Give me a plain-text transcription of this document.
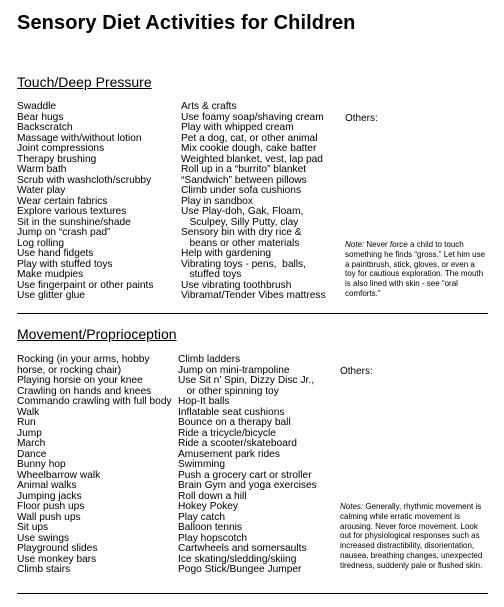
Sensory Diet Activities for Children
Touch/Deep Pressure
Swaddle
Bear hugs
Backscratch
Massage with/without lotion
Joint compressions
Therapy brushing
Warm bath
Scrub with washcloth/scrubby
Water play
Wear certain fabrics
Explore various textures
Sit in the sunshine/shade
Jump on “crash pad”
Log rolling
Use hand fidgets
Play with stuffed toys
Make mudpies
Use fingerpaint or other paints
Use glitter glue
Arts & crafts
Use foamy soap/shaving cream
Play with whipped cream
Pet a dog, cat, or other animal
Mix cookie dough, cake batter
Weighted blanket, vest, lap pad
Roll up in a “burrito” blanket
“Sandwich” between pillows
Climb under sofa cushions
Play in sandbox
Use Play-doh, Gak, Floam,
Sculpey, Silly Putty, clay
Sensory bin with dry rice &
beans or other materials
Help with gardening
Vibrating toys - pens,  balls,
stuffed toys
Use vibrating toothbrush
Vibramat/Tender Vibes mattress
Others:
Note: Never force a child to touch something he finds “gross.” Let him use a paintbrush, stick, gloves, or even a toy for cautious exploration. The mouth is also lined with skin - see “oral comforts.”
Movement/Proprioception
Rocking (in your arms, hobby
horse, or rocking chair)
Playing horsie on your knee
Crawling on hands and knees
Commando crawling with full body
Walk
Run
Jump
March
Dance
Bunny hop
Wheelbarrow walk
Animal walks
Jumping jacks
Floor push ups
Wall push ups
Sit ups
Use swings
Playground slides
Use monkey bars
Climb stairs
Climb ladders
Jump on mini-trampoline
Use Sit n’ Spin, Dizzy Disc Jr.,
or other spinning toy
Hop-It balls
Inflatable seat cushions
Bounce on a therapy ball
Ride a tricycle/bicycle
Ride a scooter/skateboard
Amusement park rides
Swimming
Push a grocery cart or stroller
Brain Gym and yoga exercises
Roll down a hill
Hokey Pokey
Play catch
Balloon tennis
Play hopscotch
Cartwheels and somersaults
Ice skating/sledding/skiing
Pogo Stick/Bungee Jumper
Others:
Notes: Generally, rhythmic movement is calming while erratic movement is arousing. Never force movement. Look out for physiological responses such as increased distractibility, disorientation, nausea, breathing changes, unexpected tiredness, suddenly pale or flushed skin.
